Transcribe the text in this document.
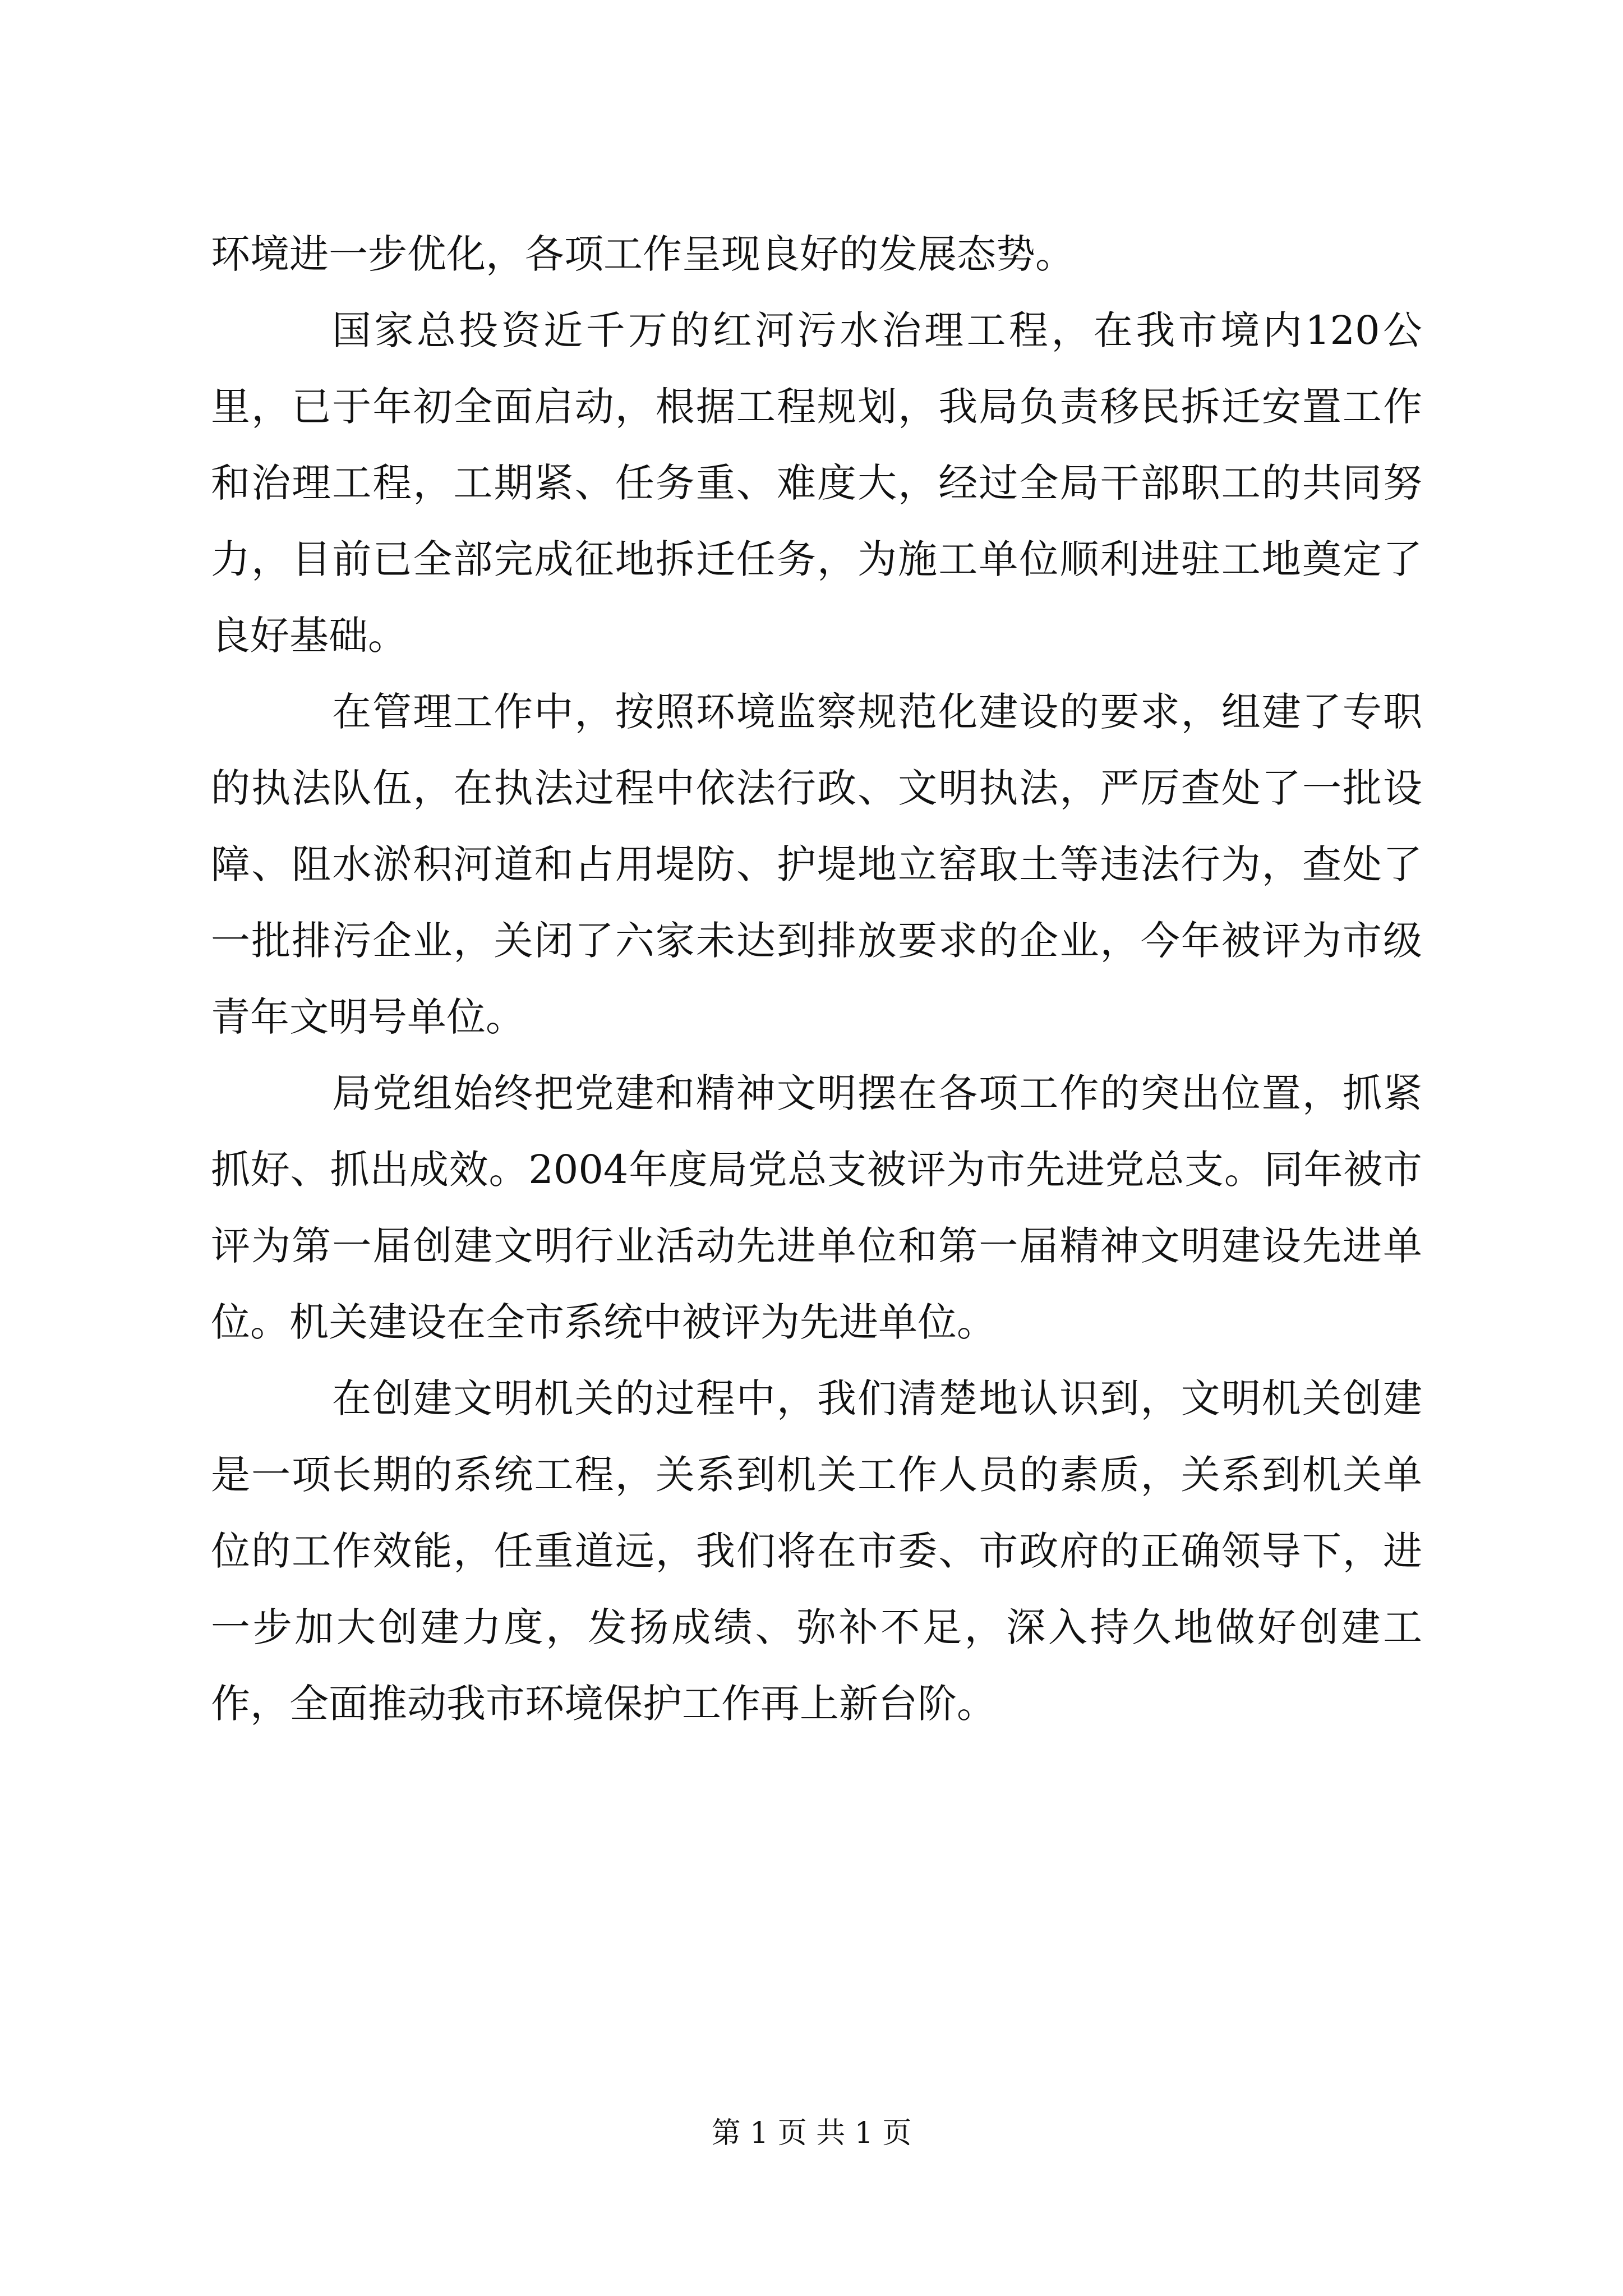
环境进一步优化，各项工作呈现良好的发展态势。

国家总投资近千万的红河污水治理工程，在我市境内120公里，已于年初全面启动，根据工程规划，我局负责移民拆迁安置工作和治理工程，工期紧、任务重、难度大，经过全局干部职工的共同努力，目前已全部完成征地拆迁任务，为施工单位顺利进驻工地奠定了良好基础。

在管理工作中，按照环境监察规范化建设的要求，组建了专职的执法队伍，在执法过程中依法行政、文明执法，严厉查处了一批设障、阻水淤积河道和占用堤防、护堤地立窑取土等违法行为，查处了一批排污企业，关闭了六家未达到排放要求的企业，今年被评为市级青年文明号单位。

局党组始终把党建和精神文明摆在各项工作的突出位置，抓紧抓好、抓出成效。2004年度局党总支被评为市先进党总支。同年被市评为第一届创建文明行业活动先进单位和第一届精神文明建设先进单位。机关建设在全市系统中被评为先进单位。

在创建文明机关的过程中，我们清楚地认识到，文明机关创建是一项长期的系统工程，关系到机关工作人员的素质，关系到机关单位的工作效能，任重道远，我们将在市委、市政府的正确领导下，进一步加大创建力度，发扬成绩、弥补不足，深入持久地做好创建工作，全面推动我市环境保护工作再上新台阶。

第 1 页 共 1 页
